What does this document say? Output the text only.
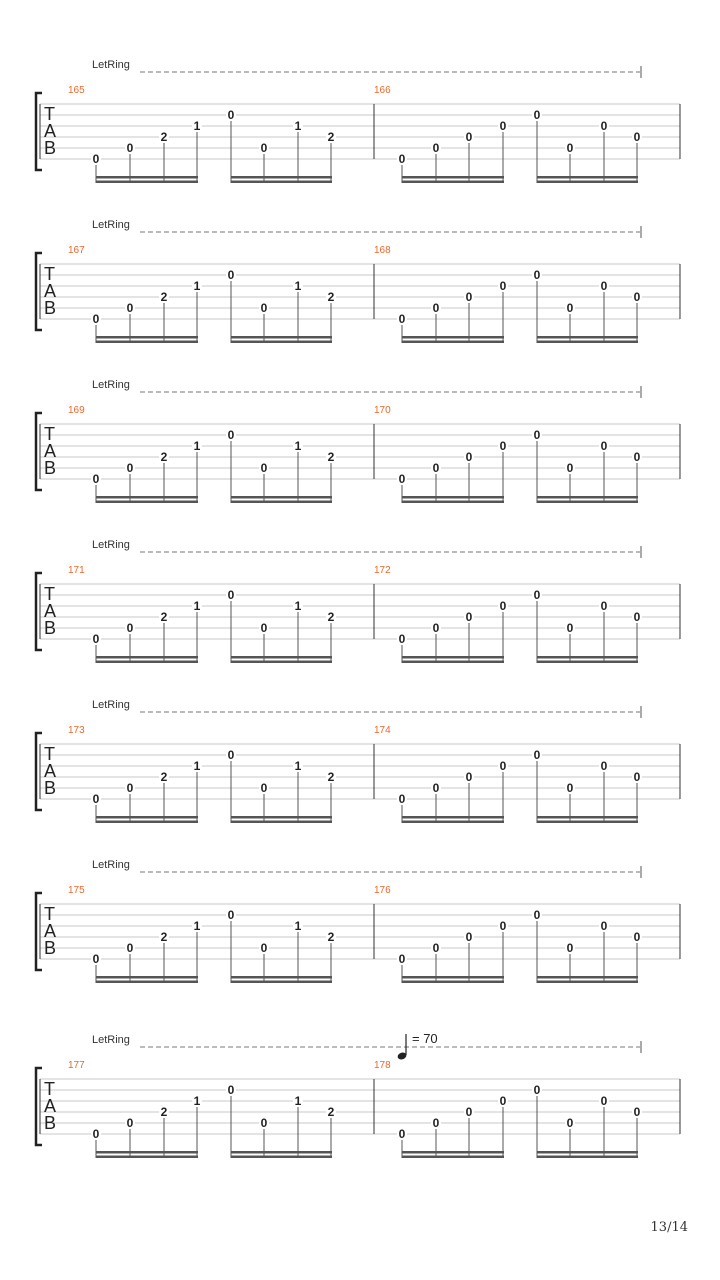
LetRing
T
A
B
165	166
0
0
2
1
0
0
1
2
0
0
0
0
0
0
0
0
LetRing
T
A
B
167	168
0
0
2
1
0
0
1
2
0
0
0
0
0
0
0
0
LetRing
T
A
B
169	170
0
0
2
1
0
0
1
2
0
0
0
0
0
0
0
0
LetRing
T
A
B
171	172
0
0
2
1
0
0
1
2
0
0
0
0
0
0
0
0
LetRing
T
A
B
173	174
0
0
2
1
0
0
1
2
0
0
0
0
0
0
0
0
LetRing
T
A
B
175	176
0
0
2
1
0
0
1
2
0
0
0
0
0
0
0
0
LetRing	= 70
T
A
B
177	178
0
0
2
1
0
0
1
2
0
0
0
0
0
0
0
0
13/14
